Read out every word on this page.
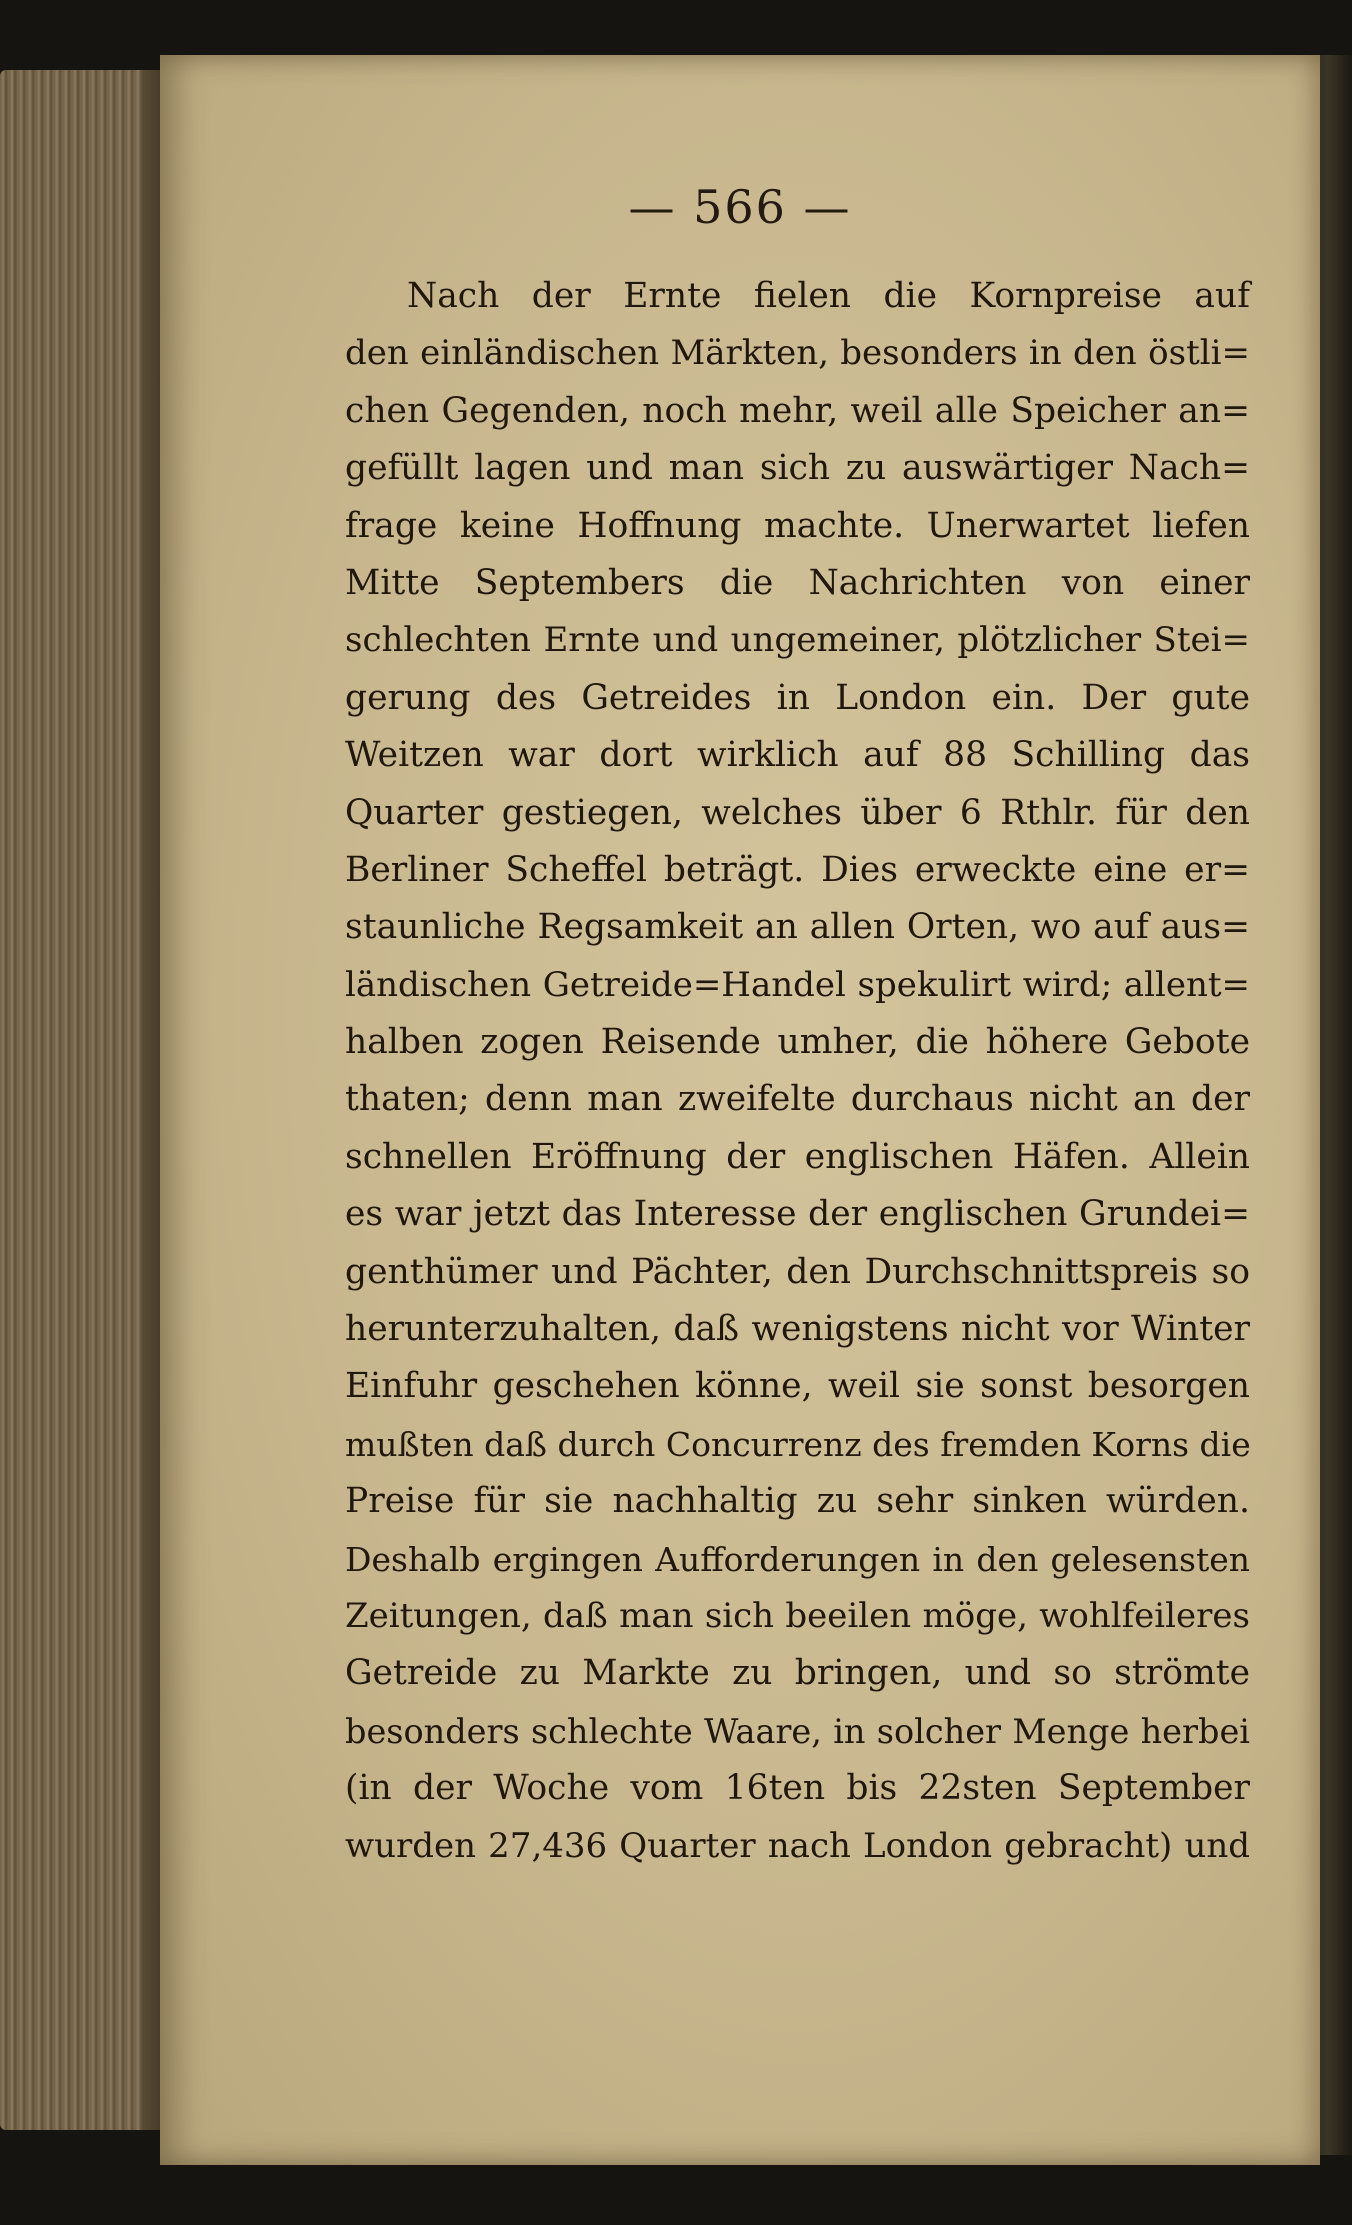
— 566 —
Nach der Ernte fielen die Kornpreise auf
den einländischen Märkten, besonders in den östli=
chen Gegenden, noch mehr, weil alle Speicher an=
gefüllt lagen und man sich zu auswärtiger Nach=
frage keine Hoffnung machte. Unerwartet liefen
Mitte Septembers die Nachrichten von einer
schlechten Ernte und ungemeiner, plötzlicher Stei=
gerung des Getreides in London ein. Der gute
Weitzen war dort wirklich auf 88 Schilling das
Quarter gestiegen, welches über 6 Rthlr. für den
Berliner Scheffel beträgt. Dies erweckte eine er=
staunliche Regsamkeit an allen Orten, wo auf aus=
ländischen Getreide=Handel spekulirt wird; allent=
halben zogen Reisende umher, die höhere Gebote
thaten; denn man zweifelte durchaus nicht an der
schnellen Eröffnung der englischen Häfen. Allein
es war jetzt das Interesse der englischen Grundei=
genthümer und Pächter, den Durchschnittspreis so
herunterzuhalten, daß wenigstens nicht vor Winter
Einfuhr geschehen könne, weil sie sonst besorgen
mußten daß durch Concurrenz des fremden Korns die
Preise für sie nachhaltig zu sehr sinken würden.
Deshalb ergingen Aufforderungen in den gelesensten
Zeitungen, daß man sich beeilen möge, wohlfeileres
Getreide zu Markte zu bringen, und so strömte
besonders schlechte Waare, in solcher Menge herbei
(in der Woche vom 16ten bis 22sten September
wurden 27,436 Quarter nach London gebracht) und
